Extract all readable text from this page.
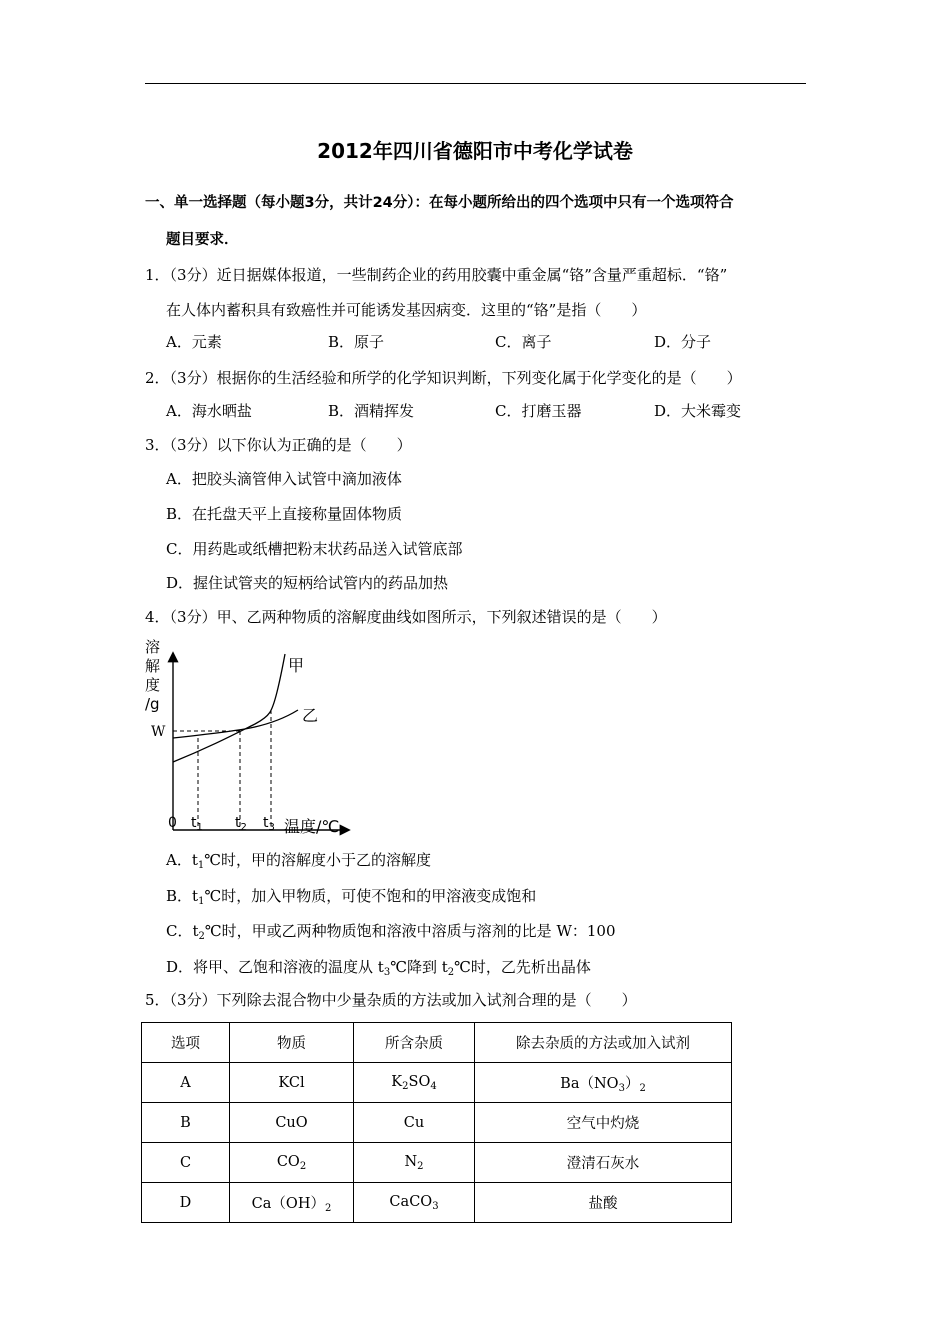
2012年四川省德阳市中考化学试卷
一、单一选择题（每小题3分，共计24分）：在每小题所给出的四个选项中只有一个选项符合
题目要求．
1．（3分）近日据媒体报道，一些制药企业的药用胶囊中重金属“铬”含量严重超标．“铬”
在人体内蓄积具有致癌性并可能诱发基因病变．这里的“铬”是指（　　）
A．元素	B．原子	C．离子	D．分子
2．（3分）根据你的生活经验和所学的化学知识判断，下列变化属于化学变化的是（　　）
A．海水晒盐	B．酒精挥发	C．打磨玉器	D．大米霉变
3．（3分）以下你认为正确的是（　　）
A．把胶头滴管伸入试管中滴加液体
B．在托盘天平上直接称量固体物质
C．用药匙或纸槽把粉末状药品送入试管底部
D．握住试管夹的短柄给试管内的药品加热
4．（3分）甲、乙两种物质的溶解度曲线如图所示，下列叙述错误的是（　　）
溶
解
度
/g
W
甲
乙
0 $t_1$ $t_2$ $t_3$ 温度/℃
A．$t_1℃$时，甲的溶解度小于乙的溶解度
B．$t_1℃$时，加入甲物质，可使不饱和的甲溶液变成饱和
C．$t_2℃$时，甲或乙两种物质饱和溶液中溶质与溶剂的比是 W：100
D．将甲、乙饱和溶液的温度从 $t_3℃$降到 $t_2℃$时，乙先析出晶体
5．（3分）下列除去混合物中少量杂质的方法或加入试剂合理的是（　　）
选项	物质	所含杂质	除去杂质的方法或加入试剂
A	KCl	$K_2SO_4$	$Ba(NO_3)_2$
B	CuO	Cu	空气中灼烧
C	$CO_2$	$N_2$	澄清石灰水
D	$Ca(OH)_2$	CaCO$_3$	盐酸
